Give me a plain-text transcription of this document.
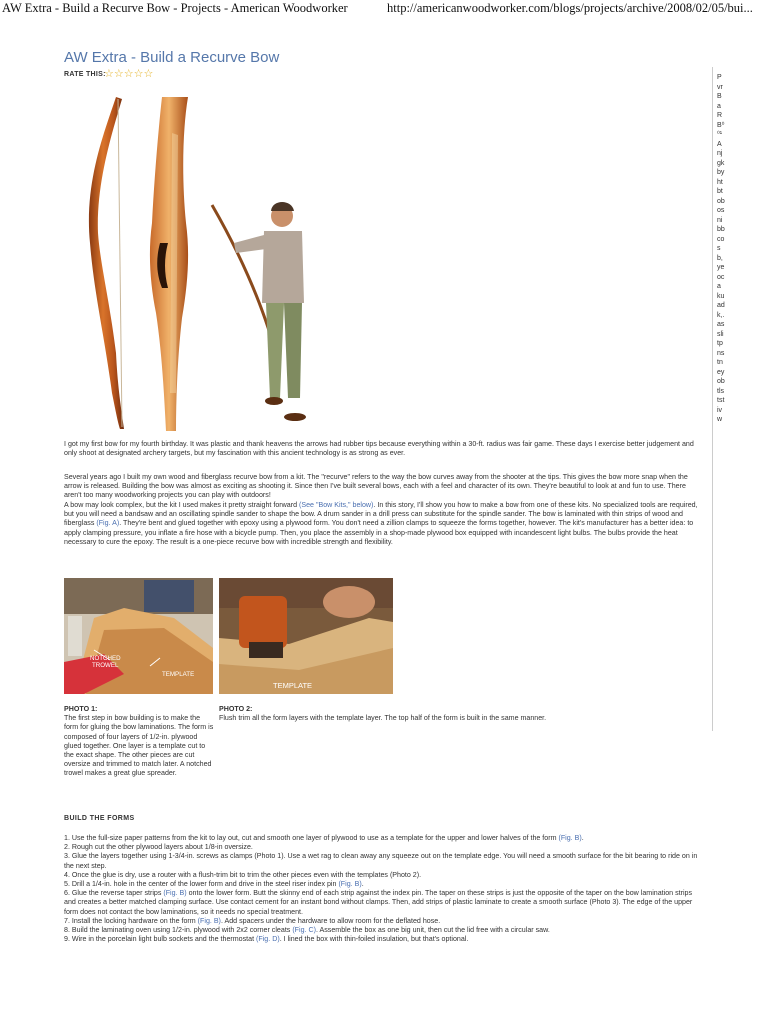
AW Extra - Build a Recurve Bow - Projects - American Woodworker	http://americanwoodworker.com/blogs/projects/archive/2008/02/05/bui...
AW Extra - Build a Recurve Bow
RATE THIS:
☆☆☆☆☆

I got my first bow for my fourth birthday. It was plastic and thank heavens the arrows had rubber tips because everything within a 30-ft. radius was fair game. These days I exercise better judgement and only shoot at designated archery targets, but my fascination with this ancient technology is as strong as ever.

Several years ago I built my own wood and fiberglass recurve bow from a kit. The "recurve" refers to the way the bow curves away from the shooter at the tips. This gives the bow more snap when the arrow is released. Building the bow was almost as exciting as shooting it. Since then I've built several bows, each with a feel and character of its own. They're beautiful to look at and fun to use. There aren't too many woodworking projects you can play with outdoors!

A bow may look complex, but the kit I used makes it pretty straight forward (See "Bow Kits," below). In this story, I'll show you how to make a bow from one of these kits. No specialized tools are required, but you will need a bandsaw and an oscillating spindle sander to shape the bow. A drum sander in a drill press can substitute for the spindle sander. The bow is laminated with thin strips of wood and fiberglass (Fig. A). They're bent and glued together with epoxy using a plywood form. You don't need a zillion clamps to squeeze the forms together, however. The kit's manufacturer has a better idea: to apply clamping pressure, you inflate a fire hose with a bicycle pump. Then, you place the assembly in a shop-made plywood box equipped with incandescent light bulbs. The bulbs provide the heat necessary to cure the epoxy. The result is a one-piece recurve bow with incredible strength and flexibility.

NOTCHED
TROWEL
TEMPLATE
TEMPLATE
PHOTO 1:
The first step in bow building is to make the form for gluing the bow laminations. The form is composed of four layers of 1/2-in. plywood glued together. One layer is a template cut to the exact shape. The other pieces are cut oversize and trimmed to match later. A notched trowel makes a great glue spreader.
PHOTO 2:
Flush trim all the form layers with the template layer. The top half of the form is built in the same manner.
BUILD THE FORMS
1. Use the full-size paper patterns from the kit to lay out, cut and smooth one layer of plywood to use as a template for the upper and lower halves of the form (Fig. B).
2. Rough cut the other plywood layers about 1/8-in oversize.
3. Glue the layers together using 1-3/4-in. screws as clamps (Photo 1). Use a wet rag to clean away any squeeze out on the template edge. You will need a smooth surface for the bit bearing to ride on in the next step.
4. Once the glue is dry, use a router with a flush-trim bit to trim the other pieces even with the templates (Photo 2).
5. Drill a 1/4-in. hole in the center of the lower form and drive in the steel riser index pin (Fig. B).
6. Glue the reverse taper strips (Fig. B) onto the lower form. Butt the skinny end of each strip against the index pin. The taper on these strips is just the opposite of the taper on the bow lamination strips and creates a better matched clamping surface. Use contact cement for an instant bond without clamps. Then, add strips of plastic laminate to create a smooth surface (Photo 3). The edge of the upper form does not contact the bow laminations, so it needs no special treatment.
7. Install the locking hardware on the form (Fig. B). Add spacers under the hardware to allow room for the deflated hose.
8. Build the laminating oven using 1/2-in. plywood with 2x2 corner cleats (Fig. C). Assemble the box as one big unit, then cut the lid free with a circular saw.
9. Wire in the porcelain light bulb sockets and the thermostat (Fig. D). I lined the box with thin-foiled insulation, but that's optional.
PvrBaRB⁰⁰¹Anjgkbyhtbtobosnibbcosb,yeoca kuadk,.asslitpnstneyobtlststivw
